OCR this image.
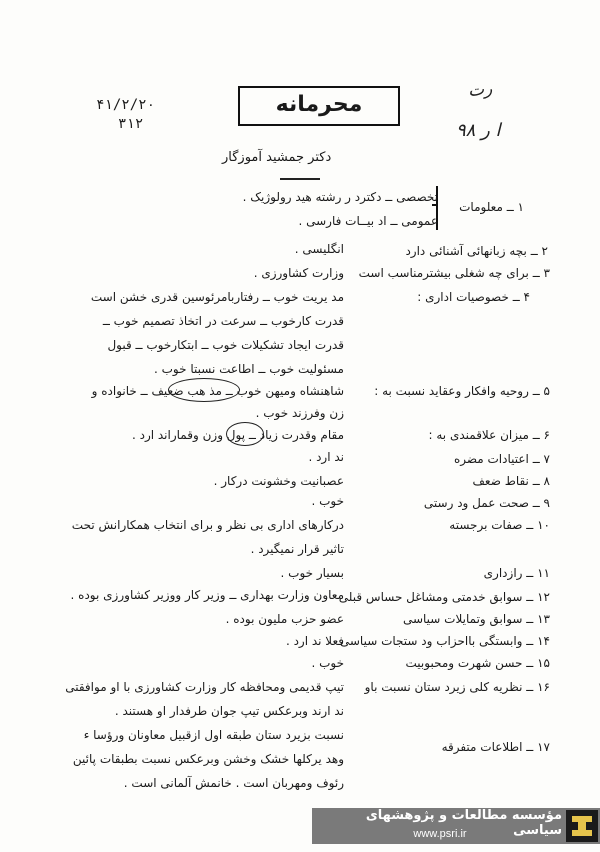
۴۱/۲/۲۰
۳۱۲
محرمانه
رت
ا ر ۹۸
دکتر جمشید آموزگار
۱ ــ معلومات
تخصصی ــ دکترد ر رشته هید رولوژیک .
عمومی ــ اد بیــات فارسی .
۲ ــ بچه زبانهائی آشنائی دارد
انگلیسی .
۳ ــ برای چه شغلی بیشترمناسب است
وزارت کشاورزی .
۴ ــ خصوصیات اداری :
مد یریت خوب ــ رفتاربامرئوسین قدری خشن است
قدرت کارخوب ــ سرعت در اتخاذ تصمیم خوب ــ
قدرت ایجاد تشکیلات خوب ــ ابتکارخوب ــ قبول
مسئولیت خوب ــ اطاعت نسبتا خوب .
۵ ــ روحیه وافکار وعقاید نسبت به :
شاهنشاه ومیهن خوب ــ مذ هب ضعیف ــ خانواده و
زن وفرزند خوب .
۶ ــ میزان علاقمندی به :
مقام وقدرت زیاد ــ پول وزن وقماراند ارد .
۷ ــ اعتیادات مضره
ند ارد .
۸ ــ نقاط ضعف
عصبانیت وخشونت درکار .
۹ ــ صحت عمل ود رستی
خوب .
۱۰ ــ صفات برجسته
درکارهای اداری بی نظر و برای انتخاب همکارانش تحت
تاثیر قرار نمیگیرد .
۱۱ ــ رازداری
بسیار خوب .
۱۲ ــ سوابق خدمتی ومشاغل حساس قبلی
معاون وزارت بهداری ــ وزیر کار ووزیر کشاورزی بوده .
۱۳ ــ سوابق وتمایلات سیاسی
عضو حزب ملیون بوده .
۱۴ ــ وابستگی بااحزاب ود ستجات سیاسی
فعلا ند ارد .
۱۵ ــ حسن شهرت ومحبوبیت
خوب .
۱۶ ــ نظریه کلی زیرد ستان نسبت باو
تیپ قدیمی ومحافظه کار وزارت کشاورزی با او موافقتی
ند ارند وبرعکس تیپ جوان طرفدار او هستند .
۱۷ ــ اطلاعات متفرقه
نسبت بزیرد ستان طبقه اول ازقبیل معاونان ورؤسا ء
وهد یرکلها خشک وخشن وبرعکس نسبت بطبقات پائین
رئوف ومهربان است . خانمش آلمانی است .
مؤسسه مطالعات و پژوهشهای سیاسی
www.psri.ir
